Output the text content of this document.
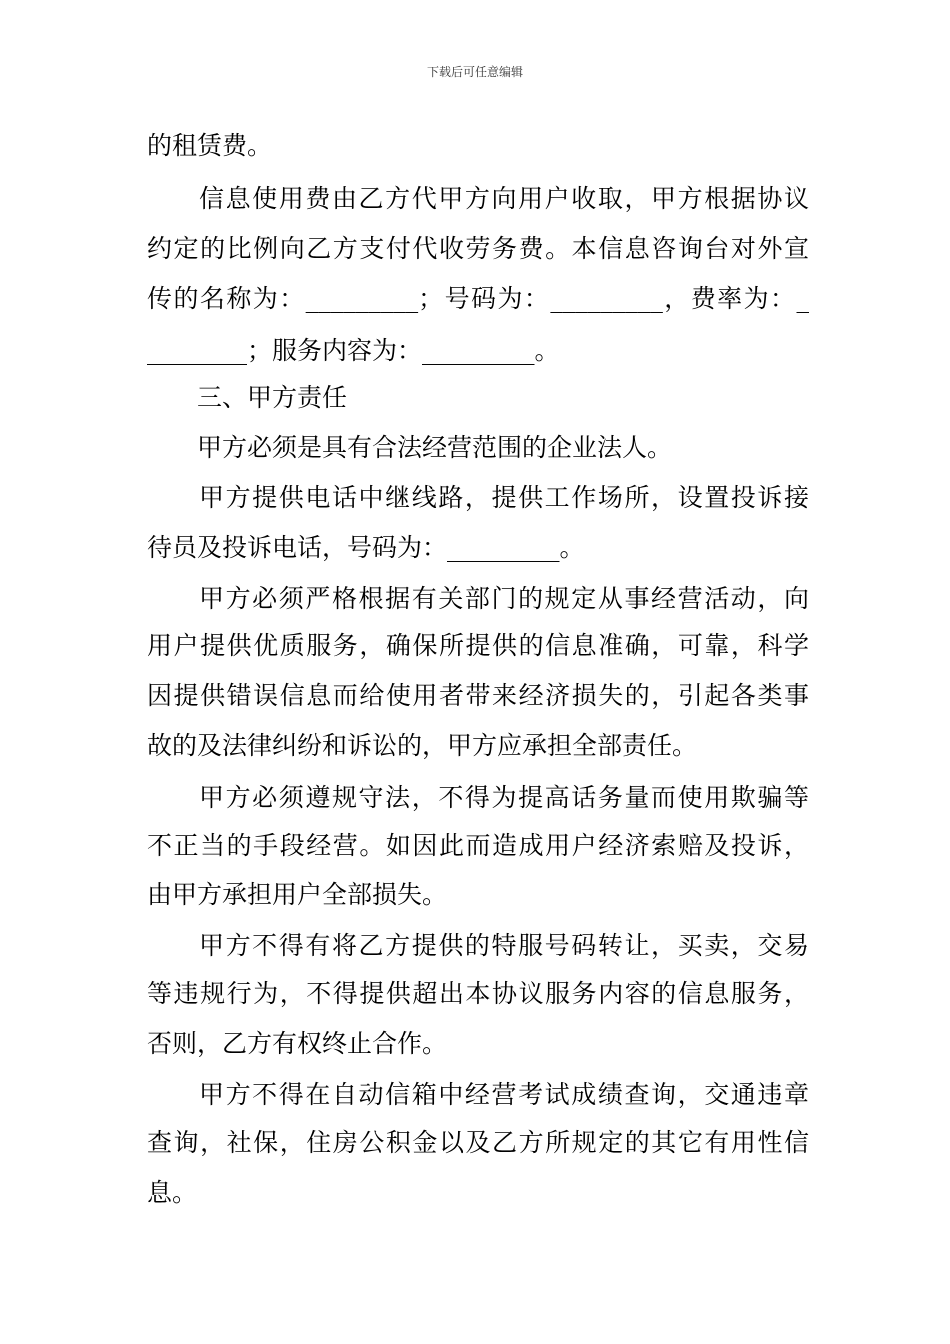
下载后可任意编辑
的租赁费。
信息使用费由乙方代甲方向用户收取，甲方根据协议
约定的比例向乙方支付代收劳务费。本信息咨询台对外宣
传的名称为：_________；号码为：_________，费率为：_
________；服务内容为：_________。
三、甲方责任
甲方必须是具有合法经营范围的企业法人。
甲方提供电话中继线路，提供工作场所，设置投诉接
待员及投诉电话，号码为：_________。
甲方必须严格根据有关部门的规定从事经营活动，向
用户提供优质服务，确保所提供的信息准确，可靠，科学
因提供错误信息而给使用者带来经济损失的，引起各类事
故的及法律纠纷和诉讼的，甲方应承担全部责任。
甲方必须遵规守法，不得为提高话务量而使用欺骗等
不正当的手段经营。如因此而造成用户经济索赔及投诉，
由甲方承担用户全部损失。
甲方不得有将乙方提供的特服号码转让，买卖，交易
等违规行为，不得提供超出本协议服务内容的信息服务，
否则，乙方有权终止合作。
甲方不得在自动信箱中经营考试成绩查询，交通违章
查询，社保，住房公积金以及乙方所规定的其它有用性信
息。
